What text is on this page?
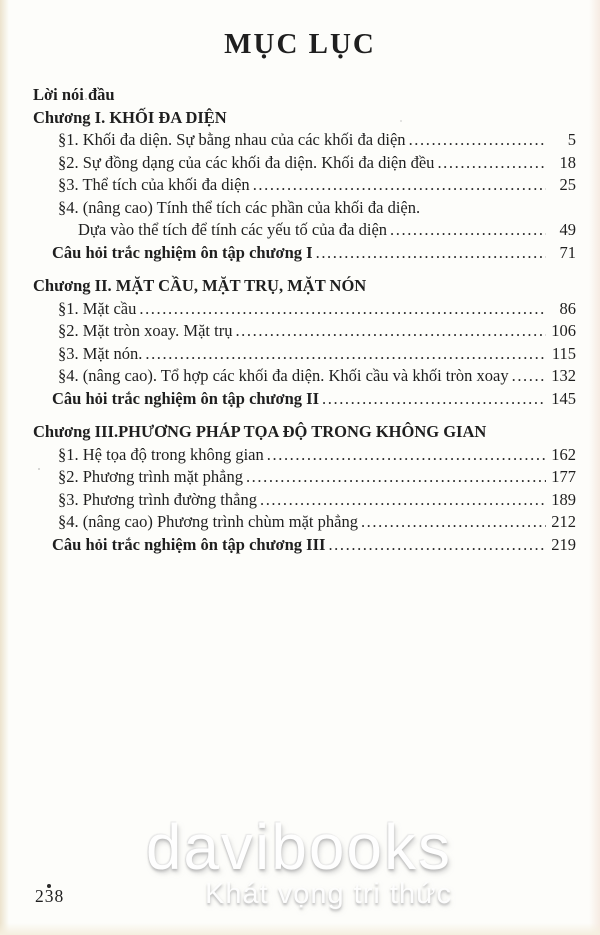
MỤC LỤC
Lời nói đầu
Chương I. KHỐI ĐA DIỆN
§1. Khối đa diện. Sự bằng nhau của các khối đa diện .....	5
§2. Sự đồng dạng của các khối đa diện. Khối đa diện đều .....	18
§3. Thể tích của khối đa diện .....	25
§4. (nâng cao) Tính thể tích các phần của khối đa diện.
Dựa vào thể tích để tính các yếu tố của đa diện .....	49
Câu hỏi trắc nghiệm ôn tập chương I .....	71
Chương II. MẶT CẦU, MẶT TRỤ, MẶT NÓN
§1. Mặt cầu .....	86
§2. Mặt tròn xoay. Mặt trụ .....	106
§3. Mặt nón. .....	115
§4. (nâng cao). Tổ hợp các khối đa diện. Khối cầu và khối tròn xoay .....	132
Câu hỏi trắc nghiệm ôn tập chương II .....	145
Chương III.PHƯƠNG PHÁP TỌA ĐỘ TRONG KHÔNG GIAN
§1. Hệ tọa độ trong không gian .....	162
§2. Phương trình mặt phẳng .....	177
§3. Phương trình đường thẳng .....	189
§4. (nâng cao) Phương trình chùm mặt phẳng .....	212
Câu hỏi trắc nghiệm ôn tập chương III .....	219
davibooks
Khát vọng tri thức
238
